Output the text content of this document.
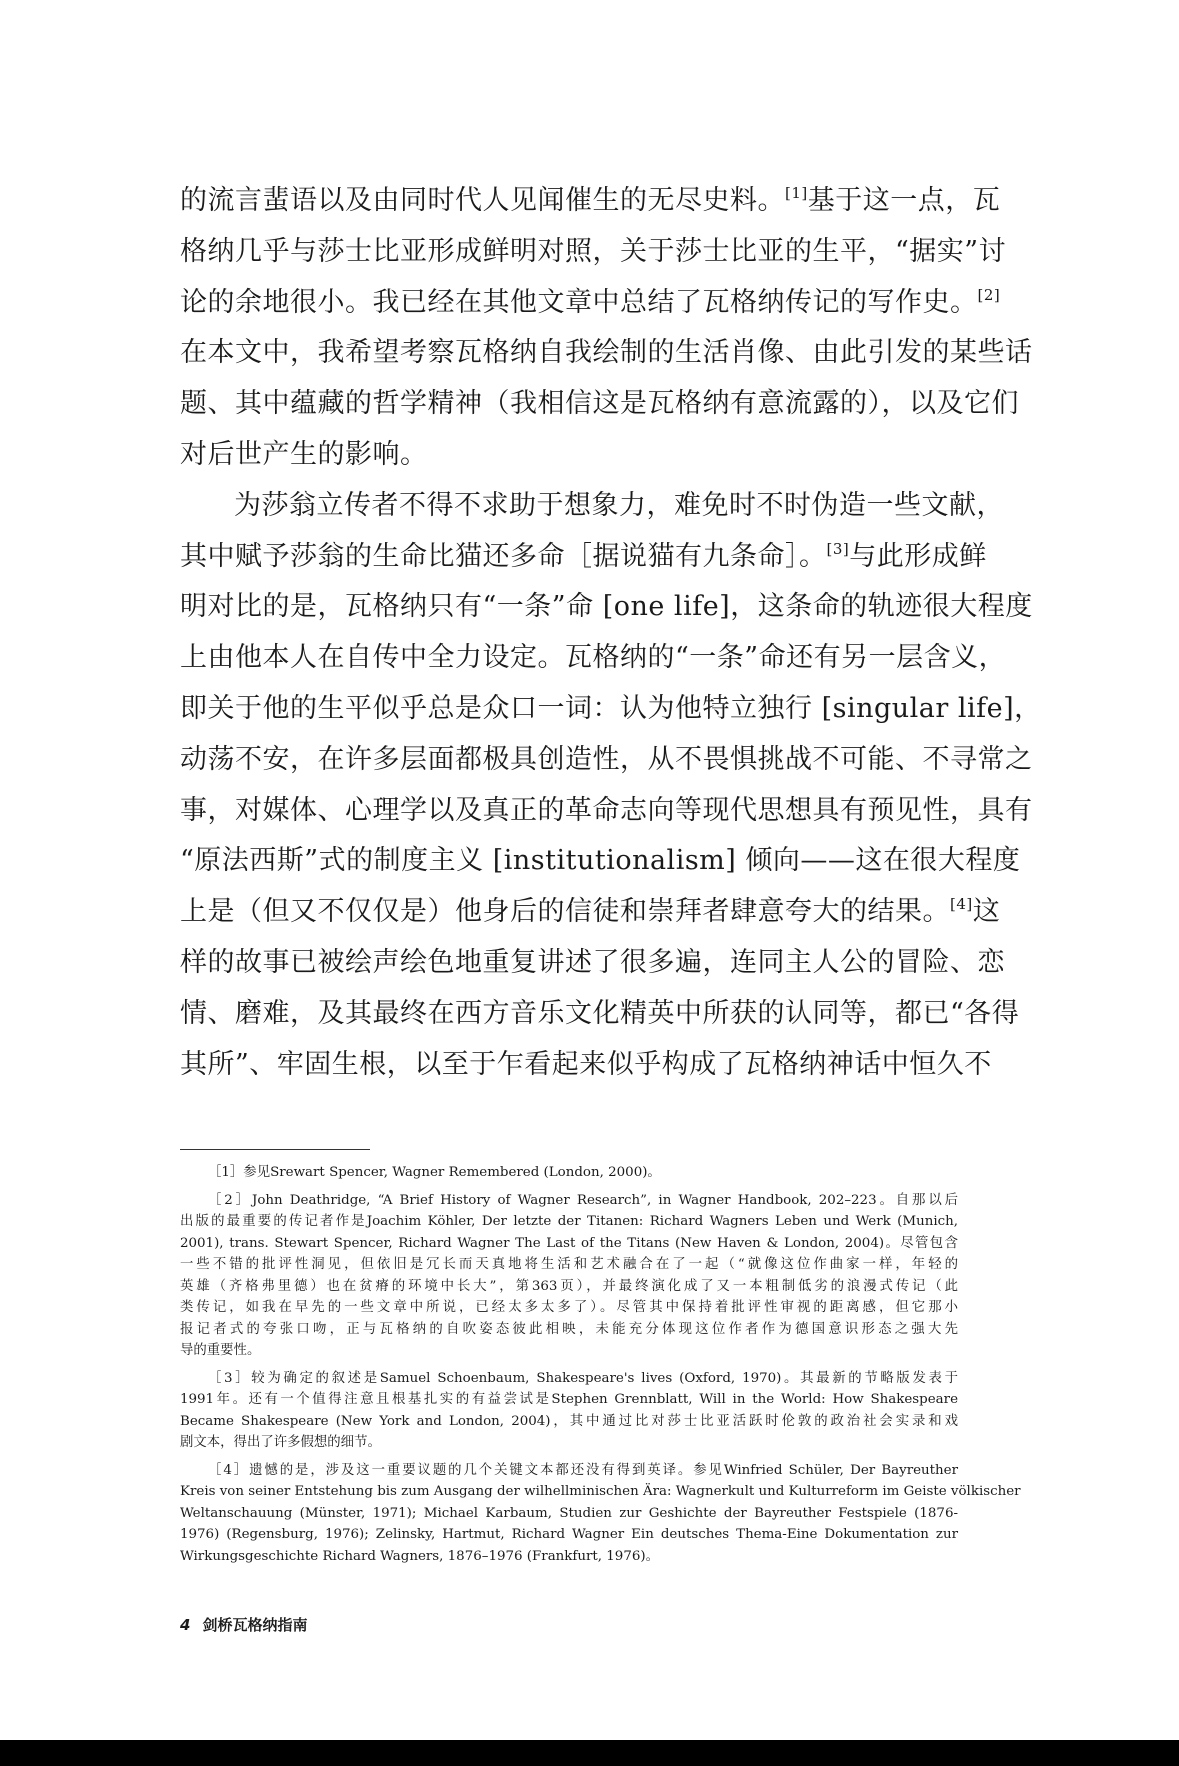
的流言蜚语以及由同时代人见闻催生的无尽史料。[1]基于这一点，瓦
格纳几乎与莎士比亚形成鲜明对照，关于莎士比亚的生平，“据实”讨
论的余地很小。我已经在其他文章中总结了瓦格纳传记的写作史。[2]
在本文中，我希望考察瓦格纳自我绘制的生活肖像、由此引发的某些话
题、其中蕴藏的哲学精神（我相信这是瓦格纳有意流露的），以及它们
对后世产生的影响。
为莎翁立传者不得不求助于想象力，难免时不时伪造一些文献，
其中赋予莎翁的生命比猫还多命［据说猫有九条命］。[3]与此形成鲜
明对比的是，瓦格纳只有“一条”命 [one life]，这条命的轨迹很大程度
上由他本人在自传中全力设定。瓦格纳的“一条”命还有另一层含义，
即关于他的生平似乎总是众口一词：认为他特立独行 [singular life]，
动荡不安，在许多层面都极具创造性，从不畏惧挑战不可能、不寻常之
事，对媒体、心理学以及真正的革命志向等现代思想具有预见性，具有
“原法西斯”式的制度主义 [institutionalism] 倾向——这在很大程度
上是（但又不仅仅是）他身后的信徒和崇拜者肆意夸大的结果。[4]这
样的故事已被绘声绘色地重复讲述了很多遍，连同主人公的冒险、恋
情、磨难，及其最终在西方音乐文化精英中所获的认同等，都已“各得
其所”、牢固生根，以至于乍看起来似乎构成了瓦格纳神话中恒久不
［1］参见Srewart Spencer, Wagner Remembered (London, 2000)。
［2］John Deathridge, “A Brief History of Wagner Research”, in Wagner Handbook, 202–223。自那以后
出版的最重要的传记者作是Joachim Köhler, Der letzte der Titanen: Richard Wagners Leben und Werk (Munich,
2001), trans. Stewart Spencer, Richard Wagner The Last of the Titans (New Haven & London, 2004)。尽管包含
一些不错的批评性洞见，但依旧是冗长而天真地将生活和艺术融合在了一起（“就像这位作曲家一样，年轻的
英雄（齐格弗里德）也在贫瘠的环境中长大”，第363页），并最终演化成了又一本粗制低劣的浪漫式传记（此
类传记，如我在早先的一些文章中所说，已经太多太多了）。尽管其中保持着批评性审视的距离感，但它那小
报记者式的夸张口吻，正与瓦格纳的自吹姿态彼此相映，未能充分体现这位作者作为德国意识形态之强大先
导的重要性。
［3］较为确定的叙述是Samuel Schoenbaum, Shakespeare's lives (Oxford, 1970)。其最新的节略版发表于
1991年。还有一个值得注意且根基扎实的有益尝试是Stephen Grennblatt, Will in the World: How Shakespeare
Became Shakespeare (New York and London, 2004)，其中通过比对莎士比亚活跃时伦敦的政治社会实录和戏
剧文本，得出了许多假想的细节。
［4］遗憾的是，涉及这一重要议题的几个关键文本都还没有得到英译。参见Winfried Schüler, Der Bayreuther
Kreis von seiner Entstehung bis zum Ausgang der wilhellminischen Ära: Wagnerkult und Kulturreform im Geiste völkischer
Weltanschauung (Münster, 1971); Michael Karbaum, Studien zur Geshichte der Bayreuther Festspiele (1876-
1976) (Regensburg, 1976); Zelinsky, Hartmut, Richard Wagner Ein deutsches Thema-Eine Dokumentation zur
Wirkungsgeschichte Richard Wagners, 1876–1976 (Frankfurt, 1976)。
4 剑桥瓦格纳指南
